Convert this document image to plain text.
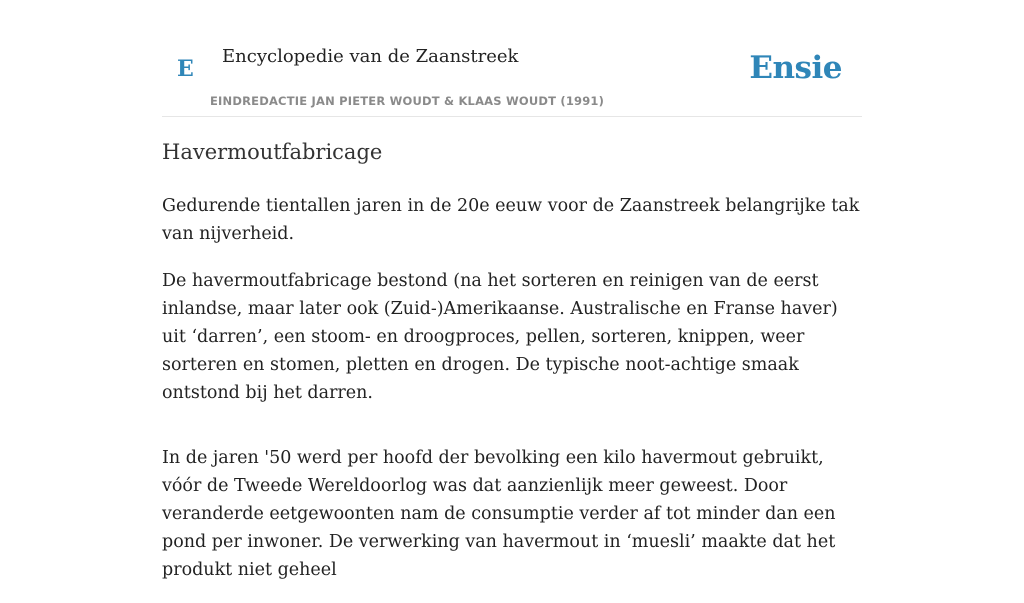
E Encyclopedie van de Zaanstreek	Ensie
EINDREDACTIE JAN PIETER WOUDT & KLAAS WOUDT (1991)
Havermoutfabricage

Gedurende tientallen jaren in de 20e eeuw voor de Zaanstreek belangrijke tak van nijverheid.

De havermoutfabricage bestond (na het sorteren en reinigen van de eerst inlandse, maar later ook (Zuid-)Amerikaanse. Australische en Franse haver) uit ‘darren’, een stoom- en droogproces, pellen, sorteren, knippen, weer sorteren en stomen, pletten en drogen. De typische noot-achtige smaak ontstond bij het darren.

In de jaren '50 werd per hoofd der bevolking een kilo havermout gebruikt, vóór de Tweede Wereldoorlog was dat aanzienlijk meer geweest. Door veranderde eetgewoonten nam de consumptie verder af tot minder dan een pond per inwoner. De verwerking van havermout in ‘muesli’ maakte dat het produkt niet geheel
